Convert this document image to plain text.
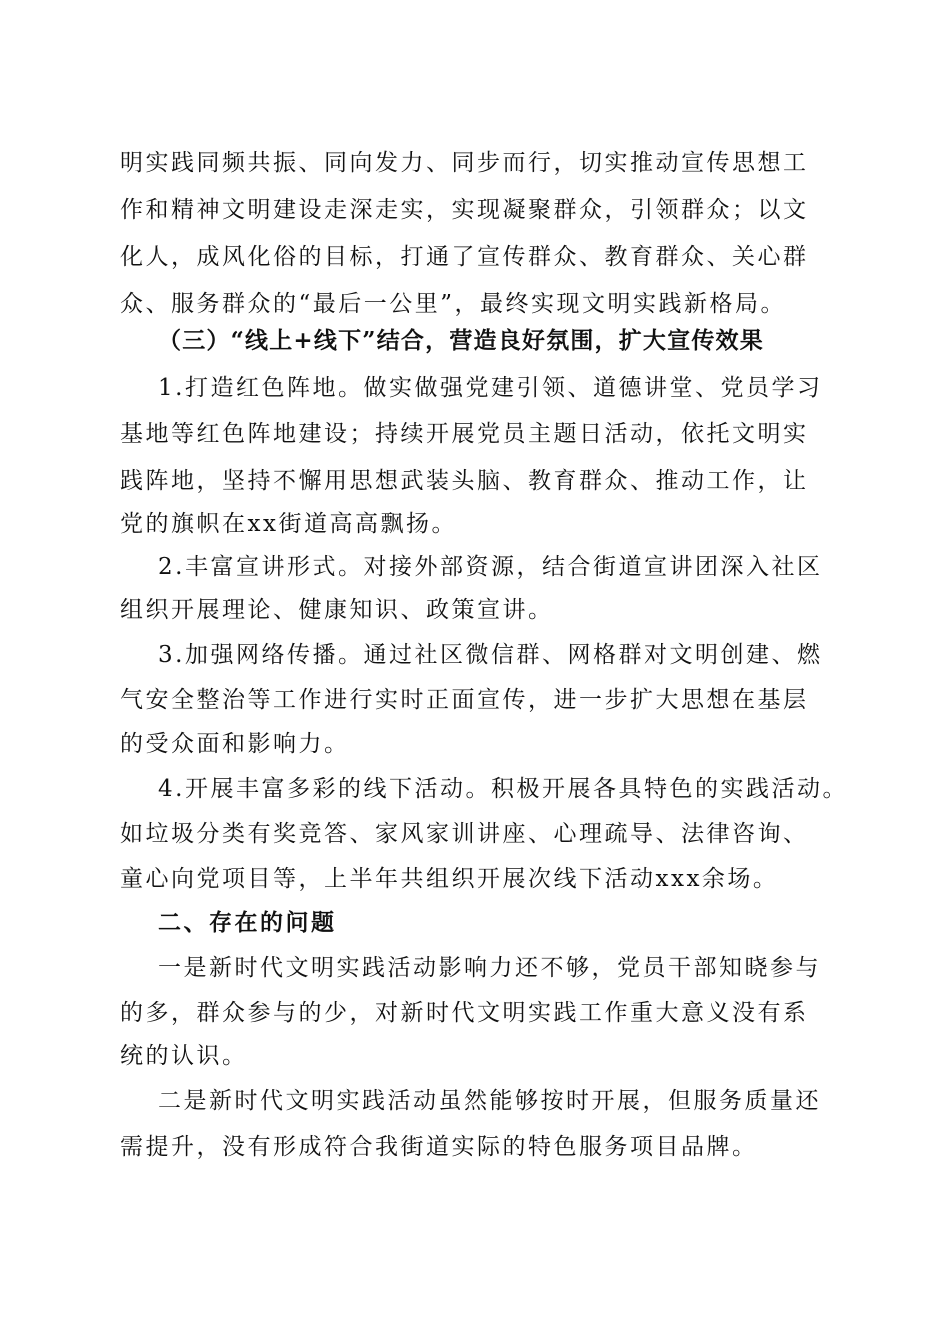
明实践同频共振、同向发力、同步而行，切实推动宣传思想工
作和精神文明建设走深走实，实现凝聚群众，引领群众；以文
化人，成风化俗的目标，打通了宣传群众、教育群众、关心群
众、服务群众的“最后一公里”，最终实现文明实践新格局。
（三）“线上+线下”结合，营造良好氛围，扩大宣传效果
1.打造红色阵地。做实做强党建引领、道德讲堂、党员学习
基地等红色阵地建设；持续开展党员主题日活动，依托文明实
践阵地，坚持不懈用思想武装头脑、教育群众、推动工作，让
党的旗帜在xx街道高高飘扬。
2.丰富宣讲形式。对接外部资源，结合街道宣讲团深入社区
组织开展理论、健康知识、政策宣讲。
3.加强网络传播。通过社区微信群、网格群对文明创建、燃
气安全整治等工作进行实时正面宣传，进一步扩大思想在基层
的受众面和影响力。
4.开展丰富多彩的线下活动。积极开展各具特色的实践活动。
如垃圾分类有奖竞答、家风家训讲座、心理疏导、法律咨询、
童心向党项目等，上半年共组织开展次线下活动xxx余场。
二、存在的问题
一是新时代文明实践活动影响力还不够，党员干部知晓参与
的多，群众参与的少，对新时代文明实践工作重大意义没有系
统的认识。
二是新时代文明实践活动虽然能够按时开展，但服务质量还
需提升，没有形成符合我街道实际的特色服务项目品牌。
